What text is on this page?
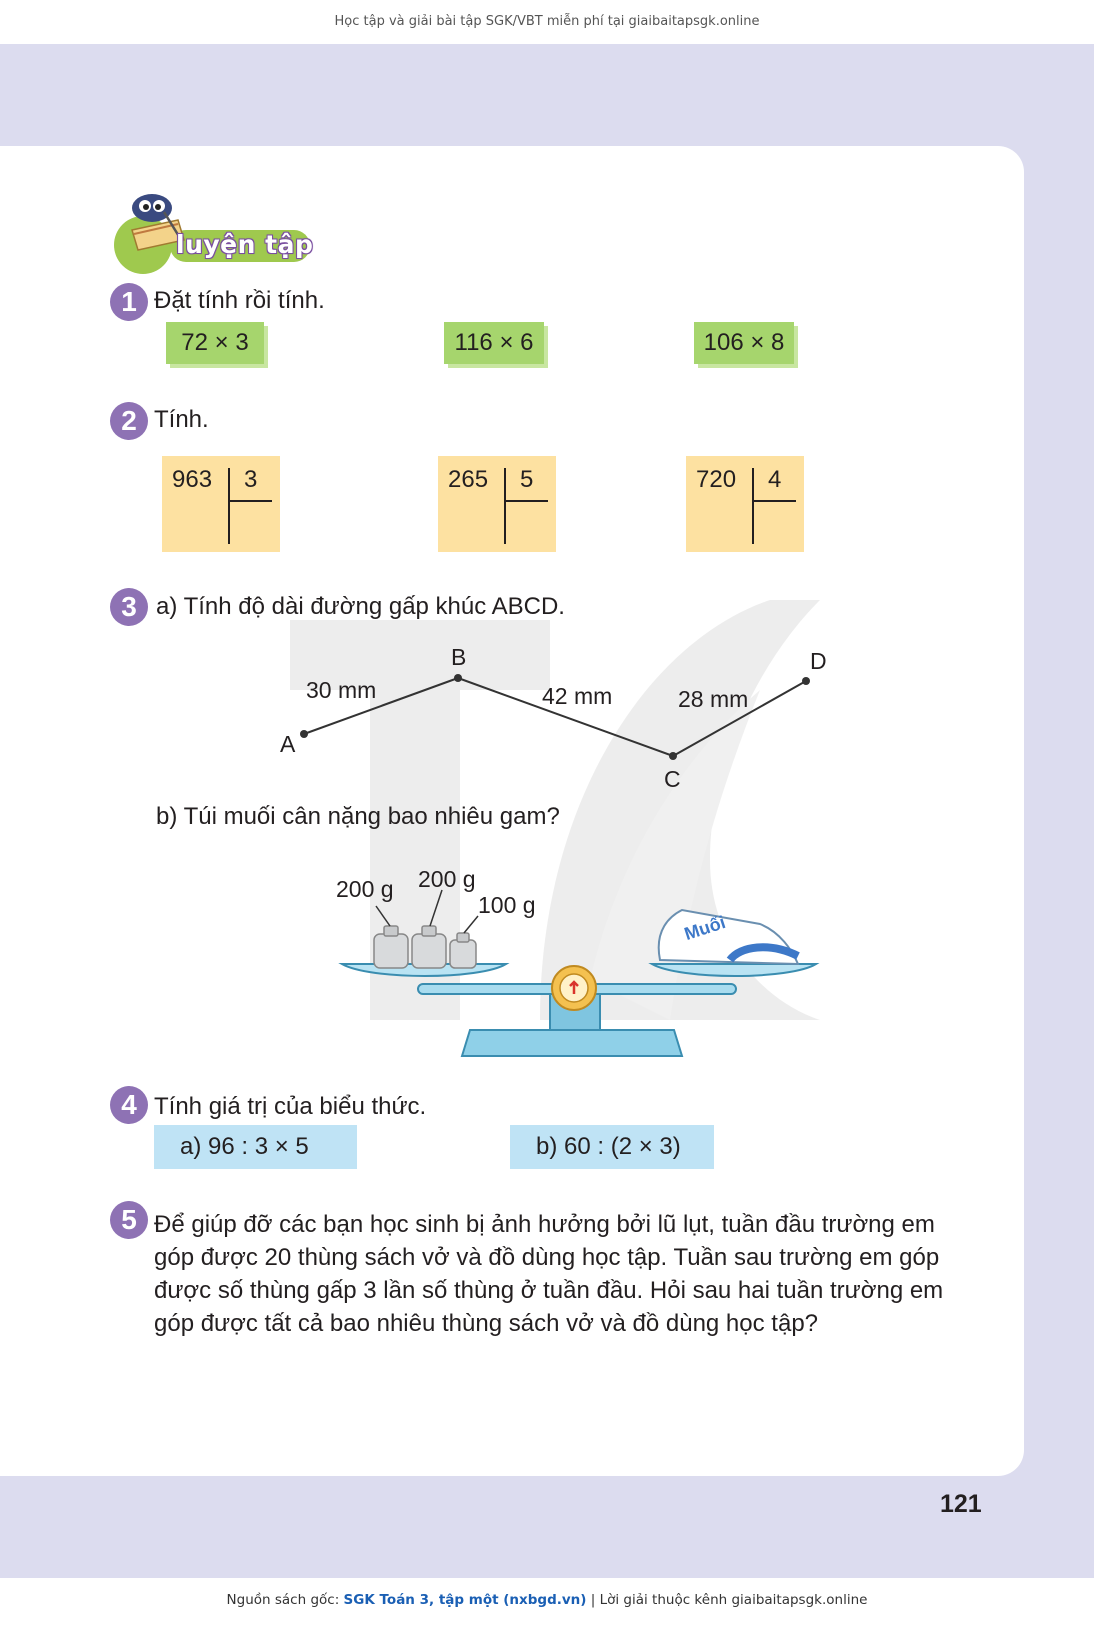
Học tập và giải bài tập SGK/VBT miễn phí tại giaibaitapsgk.online
luyện tập
1 Đặt tính rồi tính.
72 × 3	116 × 6	106 × 8
2 Tính.
963 3	265 5	720 4
3 a) Tính độ dài đường gấp khúc ABCD.
A
B
C
D
30 mm	42 mm	28 mm
b) Túi muối cân nặng bao nhiêu gam?
200 g 200 g
100 g
Muối
4 Tính giá trị của biểu thức.
a) 96 : 3 × 5	b) 60 : (2 × 3)
5 Để giúp đỡ các bạn học sinh bị ảnh hưởng bởi lũ lụt, tuần đầu trường em
góp được 20 thùng sách vở và đồ dùng học tập. Tuần sau trường em góp
được số thùng gấp 3 lần số thùng ở tuần đầu. Hỏi sau hai tuần trường em
góp được tất cả bao nhiêu thùng sách vở và đồ dùng học tập?
121
Nguồn sách gốc: SGK Toán 3, tập một (nxbgd.vn) | Lời giải thuộc kênh giaibaitapsgk.online
